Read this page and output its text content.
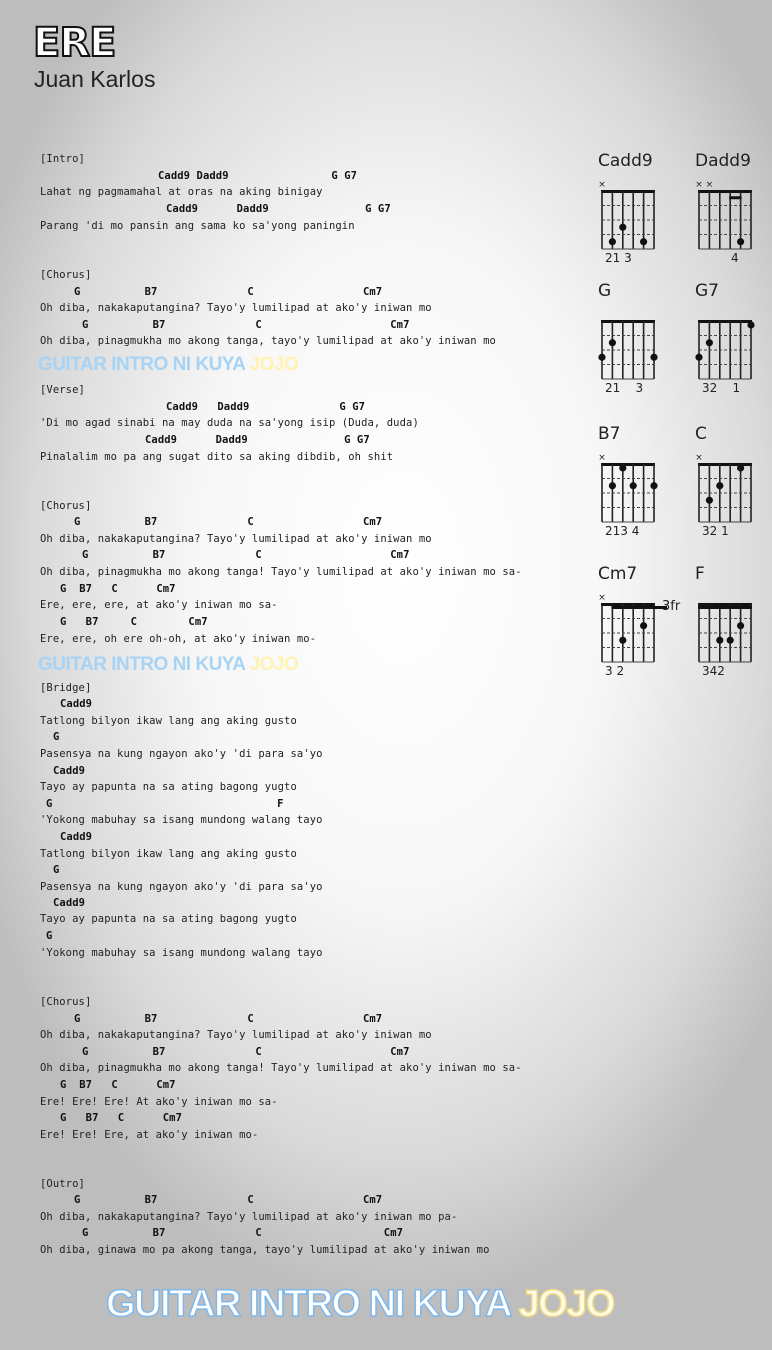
ERE
Juan Karlos
[Intro]
Cadd9 Dadd9                G G7
Lahat ng pagmamahal at oras na aking binigay
Cadd9      Dadd9               G G7
Parang 'di mo pansin ang sama ko sa'yong paningin
[Chorus]
G          B7              C                 Cm7
Oh diba, nakakaputangina? Tayo'y lumilipad at ako'y iniwan mo
G          B7              C                    Cm7
Oh diba, pinagmukha mo akong tanga, tayo'y lumilipad at ako'y iniwan mo
[Verse]
Cadd9   Dadd9              G G7
'Di mo agad sinabi na may duda na sa'yong isip (Duda, duda)
Cadd9      Dadd9               G G7
Pinalalim mo pa ang sugat dito sa aking dibdib, oh shit
[Chorus]
G          B7              C                 Cm7
Oh diba, nakakaputangina? Tayo'y lumilipad at ako'y iniwan mo
G          B7              C                    Cm7
Oh diba, pinagmukha mo akong tanga! Tayo'y lumilipad at ako'y iniwan mo sa-
G  B7   C      Cm7
Ere, ere, ere, at ako'y iniwan mo sa-
G   B7     C        Cm7
Ere, ere, oh ere oh-oh, at ako'y iniwan mo-
[Bridge]
Cadd9
Tatlong bilyon ikaw lang ang aking gusto
G
Pasensya na kung ngayon ako'y 'di para sa'yo
Cadd9
Tayo ay papunta na sa ating bagong yugto
G                                   F
'Yokong mabuhay sa isang mundong walang tayo
Cadd9
Tatlong bilyon ikaw lang ang aking gusto
G
Pasensya na kung ngayon ako'y 'di para sa'yo
Cadd9
Tayo ay papunta na sa ating bagong yugto
G
'Yokong mabuhay sa isang mundong walang tayo
[Chorus]
G          B7              C                 Cm7
Oh diba, nakakaputangina? Tayo'y lumilipad at ako'y iniwan mo
G          B7              C                    Cm7
Oh diba, pinagmukha mo akong tanga! Tayo'y lumilipad at ako'y iniwan mo sa-
G  B7   C      Cm7
Ere! Ere! Ere! At ako'y iniwan mo sa-
G   B7   C      Cm7
Ere! Ere! Ere, at ako'y iniwan mo-
[Outro]
G          B7              C                 Cm7
Oh diba, nakakaputangina? Tayo'y lumilipad at ako'y iniwan mo pa-
G          B7              C                   Cm7
Oh diba, ginawa mo pa akong tanga, tayo'y lumilipad at ako'y iniwan mo
GUITAR INTRO NI KUYA JOJO
GUITAR INTRO NI KUYA JOJO
GUITAR INTRO NI KUYA JOJO
Cadd9
×
21 3
Dadd9
× ×
4
G
21    3
G7
32    1
B7
×
213 4
C
×
32 1
Cm7
×
3fr
3 2
F
342
